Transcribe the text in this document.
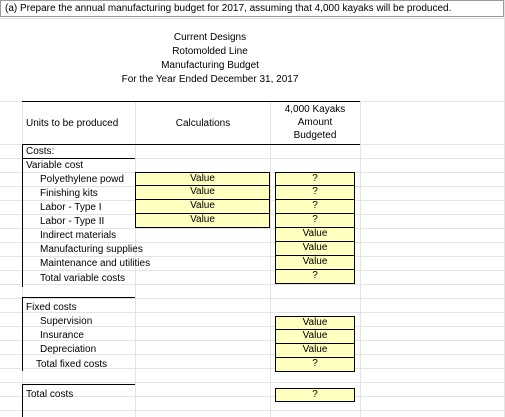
(a) Prepare the annual manufacturing budget for 2017, assuming that 4,000 kayaks will be produced.
Current Designs
Rotomolded Line
Manufacturing Budget
For the Year Ended December 31, 2017
Units to be produced	Calculations
4,000 Kayaks
Amount
Budgeted
Costs:
Variable cost
Polyethylene powd
Finishing kits
Labor - Type I
Labor - Type II
Indirect materials
Manufacturing supplies
Maintenance and utilities
Total variable costs
Value
Value
Value
Value
?
?
?
?
Value
Value
Value
?
Fixed costs
Supervision
Insurance
Depreciation
Total fixed costs
Value
Value
Value
?
Total costs	?
